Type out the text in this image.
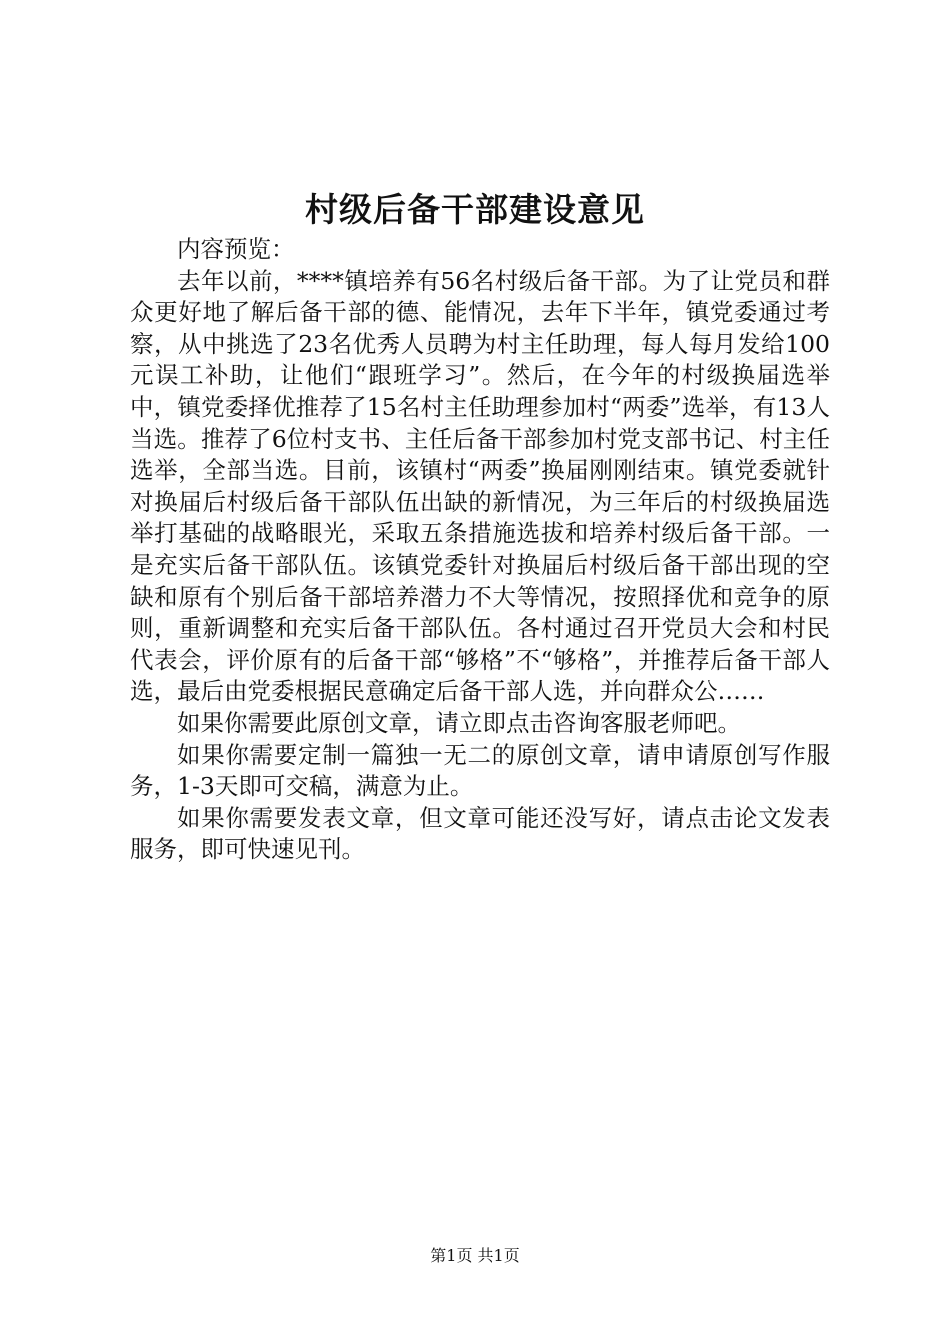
村级后备干部建设意见

内容预览：

去年以前，****镇培养有56名村级后备干部。为了让党员和群众更好地了解后备干部的德、能情况，去年下半年，镇党委通过考察，从中挑选了23名优秀人员聘为村主任助理，每人每月发给100元误工补助，让他们“跟班学习”。然后，在今年的村级换届选举中，镇党委择优推荐了15名村主任助理参加村“两委”选举，有13人当选。推荐了6位村支书、主任后备干部参加村党支部书记、村主任选举，全部当选。目前，该镇村“两委”换届刚刚结束。镇党委就针对换届后村级后备干部队伍出缺的新情况，为三年后的村级换届选举打基础的战略眼光，采取五条措施选拔和培养村级后备干部。一是充实后备干部队伍。该镇党委针对换届后村级后备干部出现的空缺和原有个别后备干部培养潜力不大等情况，按照择优和竞争的原则，重新调整和充实后备干部队伍。各村通过召开党员大会和村民代表会，评价原有的后备干部“够格”不“够格”，并推荐后备干部人选，最后由党委根据民意确定后备干部人选，并向群众公……

如果你需要此原创文章，请立即点击咨询客服老师吧。

如果你需要定制一篇独一无二的原创文章，请申请原创写作服务，1-3天即可交稿，满意为止。

如果你需要发表文章，但文章可能还没写好，请点击论文发表服务，即可快速见刊。

第1页 共1页
